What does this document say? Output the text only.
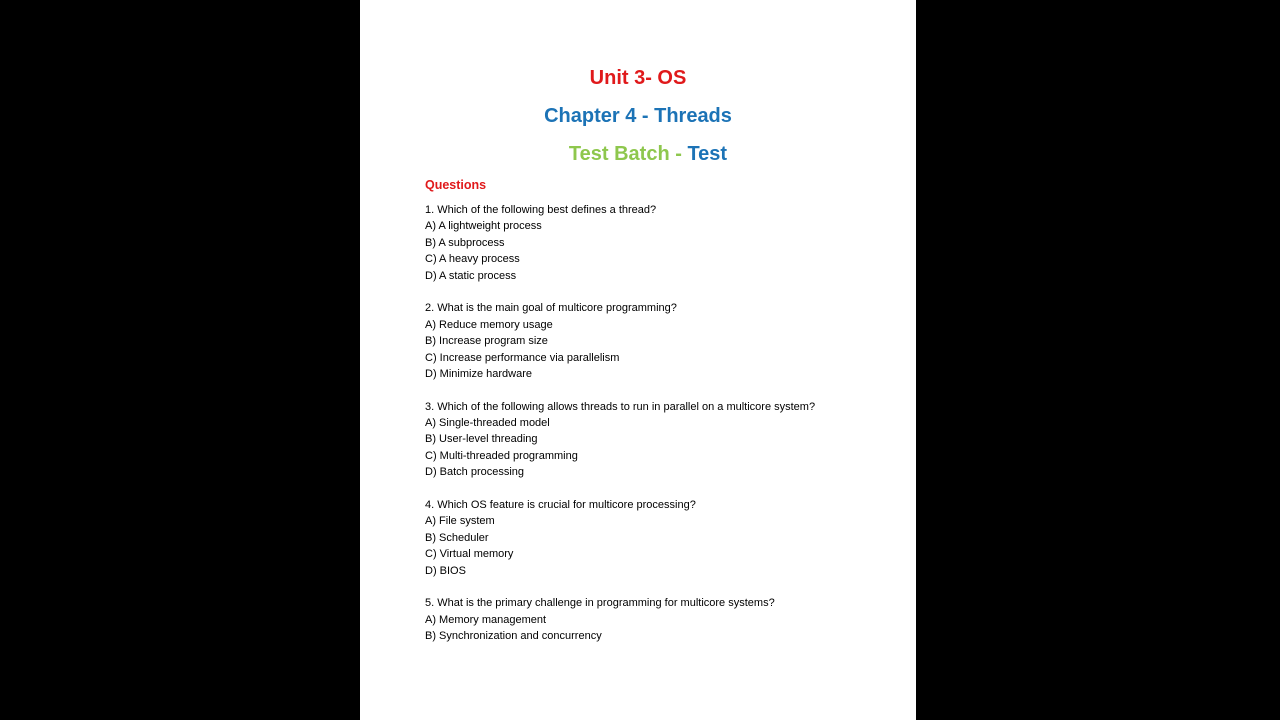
Unit 3- OS
Chapter 4 - Threads
Test Batch - Test

Questions

1. Which of the following best defines a thread?
A) A lightweight process
B) A subprocess
C) A heavy process
D) A static process
2. What is the main goal of multicore programming?
A) Reduce memory usage
B) Increase program size
C) Increase performance via parallelism
D) Minimize hardware
3. Which of the following allows threads to run in parallel on a multicore system?
A) Single-threaded model
B) User-level threading
C) Multi-threaded programming
D) Batch processing
4. Which OS feature is crucial for multicore processing?
A) File system
B) Scheduler
C) Virtual memory
D) BIOS
5. What is the primary challenge in programming for multicore systems?
A) Memory management
B) Synchronization and concurrency
